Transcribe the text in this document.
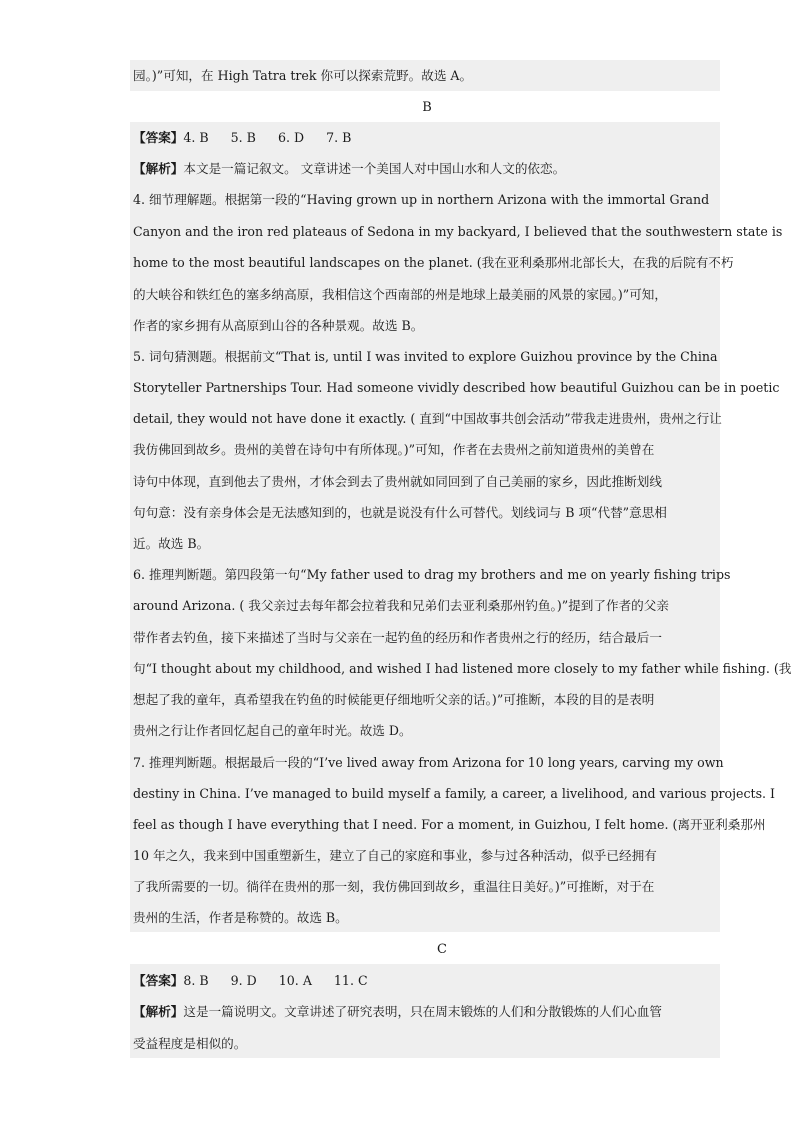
园。)”可知，在 High Tatra trek 你可以探索荒野。故选 A。
B
【答案】4. B 5. B 6. D 7. B
【解析】本文是一篇记叙文。 文章讲述一个美国人对中国山水和人文的依恋。
4. 细节理解题。根据第一段的“Having grown up in northern Arizona with the immortal Grand
Canyon and the iron red plateaus of Sedona in my backyard, I believed that the southwestern state is
home to the most beautiful landscapes on the planet. (我在亚利桑那州北部长大，在我的后院有不朽
的大峡谷和铁红色的塞多纳高原，我相信这个西南部的州是地球上最美丽的风景的家园。)”可知，
作者的家乡拥有从高原到山谷的各种景观。故选 B。
5. 词句猜测题。根据前文“That is, until I was invited to explore Guizhou province by the China
Storyteller Partnerships Tour. Had someone vividly described how beautiful Guizhou can be in poetic
detail, they would not have done it exactly. ( 直到“中国故事共创会活动”带我走进贵州，贵州之行让
我仿佛回到故乡。贵州的美曾在诗句中有所体现。)”可知，作者在去贵州之前知道贵州的美曾在
诗句中体现，直到他去了贵州，才体会到去了贵州就如同回到了自己美丽的家乡，因此推断划线
句句意：没有亲身体会是无法感知到的，也就是说没有什么可替代。划线词与 B 项“代替”意思相
近。故选 B。
6. 推理判断题。第四段第一句“My father used to drag my brothers and me on yearly fishing trips
around Arizona. ( 我父亲过去每年都会拉着我和兄弟们去亚利桑那州钓鱼。)”提到了作者的父亲
带作者去钓鱼，接下来描述了当时与父亲在一起钓鱼的经历和作者贵州之行的经历，结合最后一
句“I thought about my childhood, and wished I had listened more closely to my father while fishing. (我
想起了我的童年，真希望我在钓鱼的时候能更仔细地听父亲的话。)”可推断，本段的目的是表明
贵州之行让作者回忆起自己的童年时光。故选 D。
7. 推理判断题。根据最后一段的“I’ve lived away from Arizona for 10 long years, carving my own
destiny in China. I’ve managed to build myself a family, a career, a livelihood, and various projects. I
feel as though I have everything that I need. For a moment, in Guizhou, I felt home. (离开亚利桑那州
10 年之久，我来到中国重塑新生，建立了自己的家庭和事业，参与过各种活动，似乎已经拥有
了我所需要的一切。徜徉在贵州的那一刻，我仿佛回到故乡，重温往日美好。)”可推断，对于在
贵州的生活，作者是称赞的。故选 B。
C
【答案】8. B 9. D 10. A 11. C
【解析】这是一篇说明文。文章讲述了研究表明，只在周末锻炼的人们和分散锻炼的人们心血管
受益程度是相似的。
